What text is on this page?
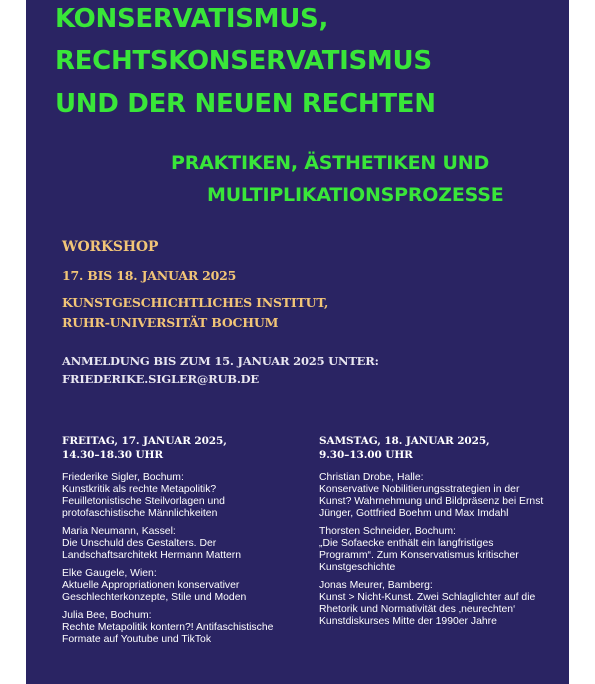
KONSERVATISMUS,
RECHTSKONSERVATISMUS
UND DER NEUEN RECHTEN
PRAKTIKEN, ÄSTHETIKEN UND
MULTIPLIKATIONSPROZESSE
WORKSHOP
17. BIS 18. JANUAR 2025
KUNSTGESCHICHTLICHES INSTITUT,
RUHR-UNIVERSITÄT BOCHUM
ANMELDUNG BIS ZUM 15. JANUAR 2025 UNTER:
FRIEDERIKE.SIGLER@RUB.DE
FREITAG, 17. JANUAR 2025,
14.30–18.30 UHR
Friederike Sigler, Bochum:
Kunstkritik als rechte Metapolitik? Feuilletonistische Steilvorlagen und protofaschistische Männlichkeiten
Maria Neumann, Kassel:
Die Unschuld des Gestalters. Der Landschaftsarchitekt Hermann Mattern
Elke Gaugele, Wien:
Aktuelle Appropriationen konservativer Geschlechterkonzepte, Stile und Moden
Julia Bee, Bochum:
Rechte Metapolitik kontern?! Antifaschistische Formate auf Youtube und TikTok
SAMSTAG, 18. JANUAR 2025,
9.30–13.00 UHR
Christian Drobe, Halle:
Konservative Nobilitierungsstrategien in der Kunst? Wahrnehmung und Bildpräsenz bei Ernst Jünger, Gottfried Boehm und Max Imdahl
Thorsten Schneider, Bochum:
„Die Sofaecke enthält ein langfristiges Programm“. Zum Konservatismus kritischer Kunstgeschichte
Jonas Meurer, Bamberg:
Kunst > Nicht-Kunst. Zwei Schlaglichter auf die Rhetorik und Normativität des ‚neurechten‘ Kunstdiskurses Mitte der 1990er Jahre
